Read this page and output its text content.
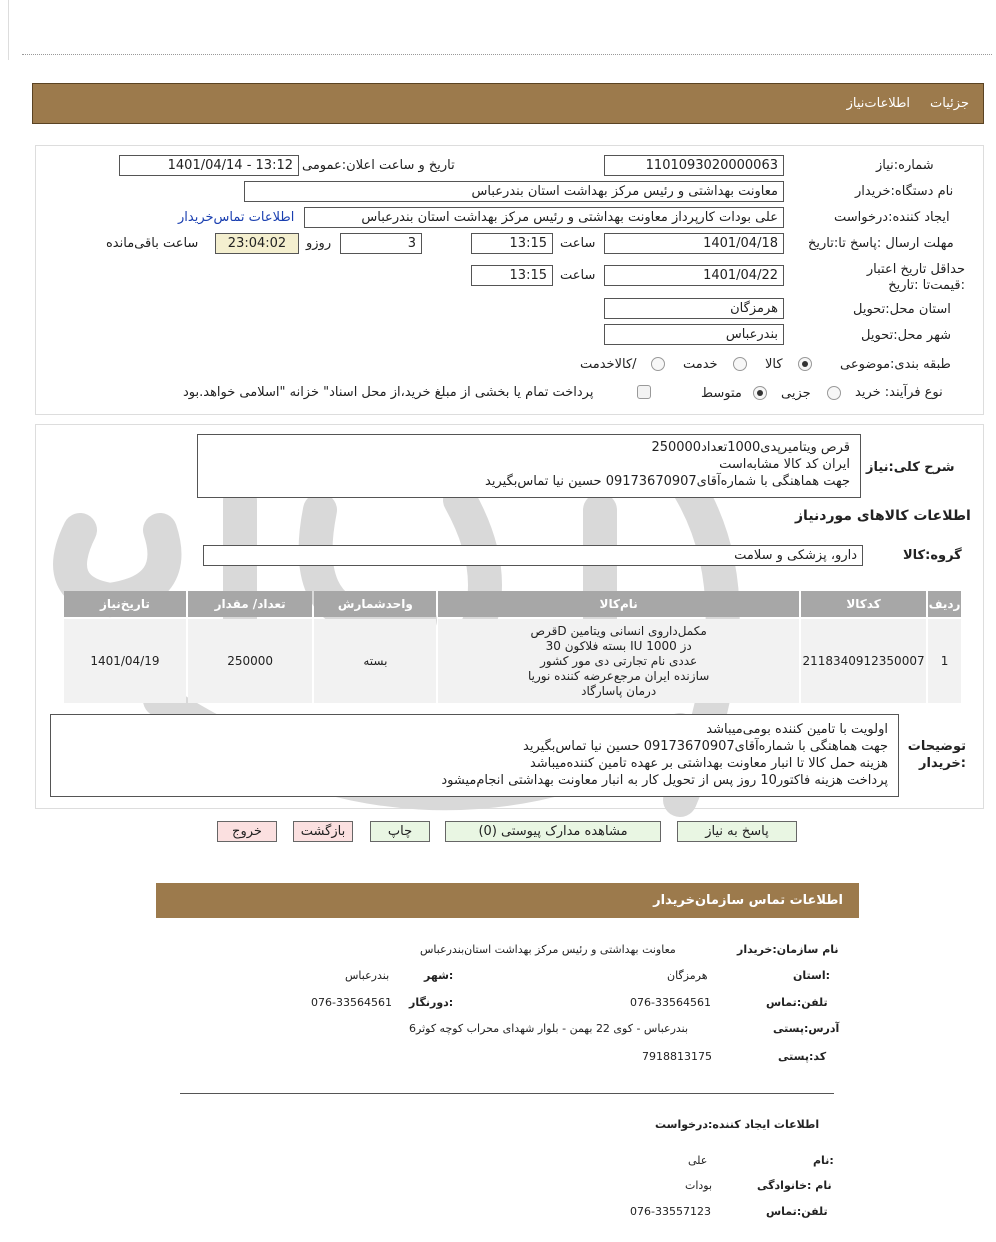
جزئیات
اطلاعات‌نیاز
شماره:نیاز
1101093020000063
تاریخ و ساعت اعلان:عمومی
1401/04/14 - 13:12
نام دستگاه:خریدار
معاونت بهداشتی و رئیس مرکز بهداشت استان بندرعباس
ایجاد کننده:درخواست
علی بودات کارپرداز معاونت بهداشتی و رئیس مرکز بهداشت استان بندرعباس
اطلاعات تماس‌خریدار
مهلت ارسال :پاسخ تا:تاریخ
1401/04/18
ساعت
13:15
3
روزو
23:04:02
ساعت باقی‌مانده
حداقل تاریخ اعتبار :قیمت‌تا :تاریخ
1401/04/22
ساعت
13:15
استان محل:تحویل
هرمزگان
شهر محل:تحویل
بندرعباس
طبقه بندی:موضوعی
کالا
خدمت
/کالاخدمت
نوع فرآیند: خرید
جزیی
متوسط
پرداخت تمام یا بخشی از مبلغ خرید،از محل اسناد" خزانه "اسلامی خواهد.بود
شرح کلی:نیاز
قرص ویتامیرپدی1000تعداد250000
ایران کد کالا مشابه‌است
جهت هماهنگی با شماره‌آقای09173670907 حسین نیا تماس‌بگیرید
اطلاعات کالاهای موردنیاز
گروه:کالا
دارو، پزشکی و سلامت
ردیف	کدکالا	نام‌کالا	واحدشمارش	تعداد/ مقدار	تاریخ‌نیاز
1	2118340912350007	مکمل‌داروی انسانی ویتامین Dقرص
دز IU 1000 بسته فلاکون 30
عددی نام تجارتی دی مور کشور
سازنده ایران مرجع‌عرضه کننده نوریا
درمان پاسارگاد	بسته	250000	1401/04/19
توضیحات :خریدار
اولویت با تامین کننده بومی‌میباشد
جهت هماهنگی با شماره‌آقای09173670907 حسین نیا تماس‌بگیرید
هزینه حمل کالا تا انبار معاونت بهداشتی بر عهده تامین کننده‌میباشد
پرداخت هزینه فاکتور10 روز پس از تحویل کار به انبار معاونت بهداشتی انجام‌میشود
پاسخ به نیاز
مشاهده مدارک پیوستی (0)
چاپ
بازگشت
خروج
اطلاعات تماس سازمان‌خریدار
نام سازمان:خریدار
معاونت بهداشتی و رئیس مرکز بهداشت استان‌بندرعباس
:استان
هرمزگان
:شهر
بندرعباس
تلفن:تماس
076-33564561
:دورنگار
076-33564561
آدرس:پستی
بندرعباس - کوی 22 بهمن - بلوار شهدای محراب کوچه کوثر6
کد:پستی
7918813175
اطلاعات ایجاد کننده:درخواست
:نام
علی
نام :خانوادگی
بودات
تلفن:تماس
076-33557123
